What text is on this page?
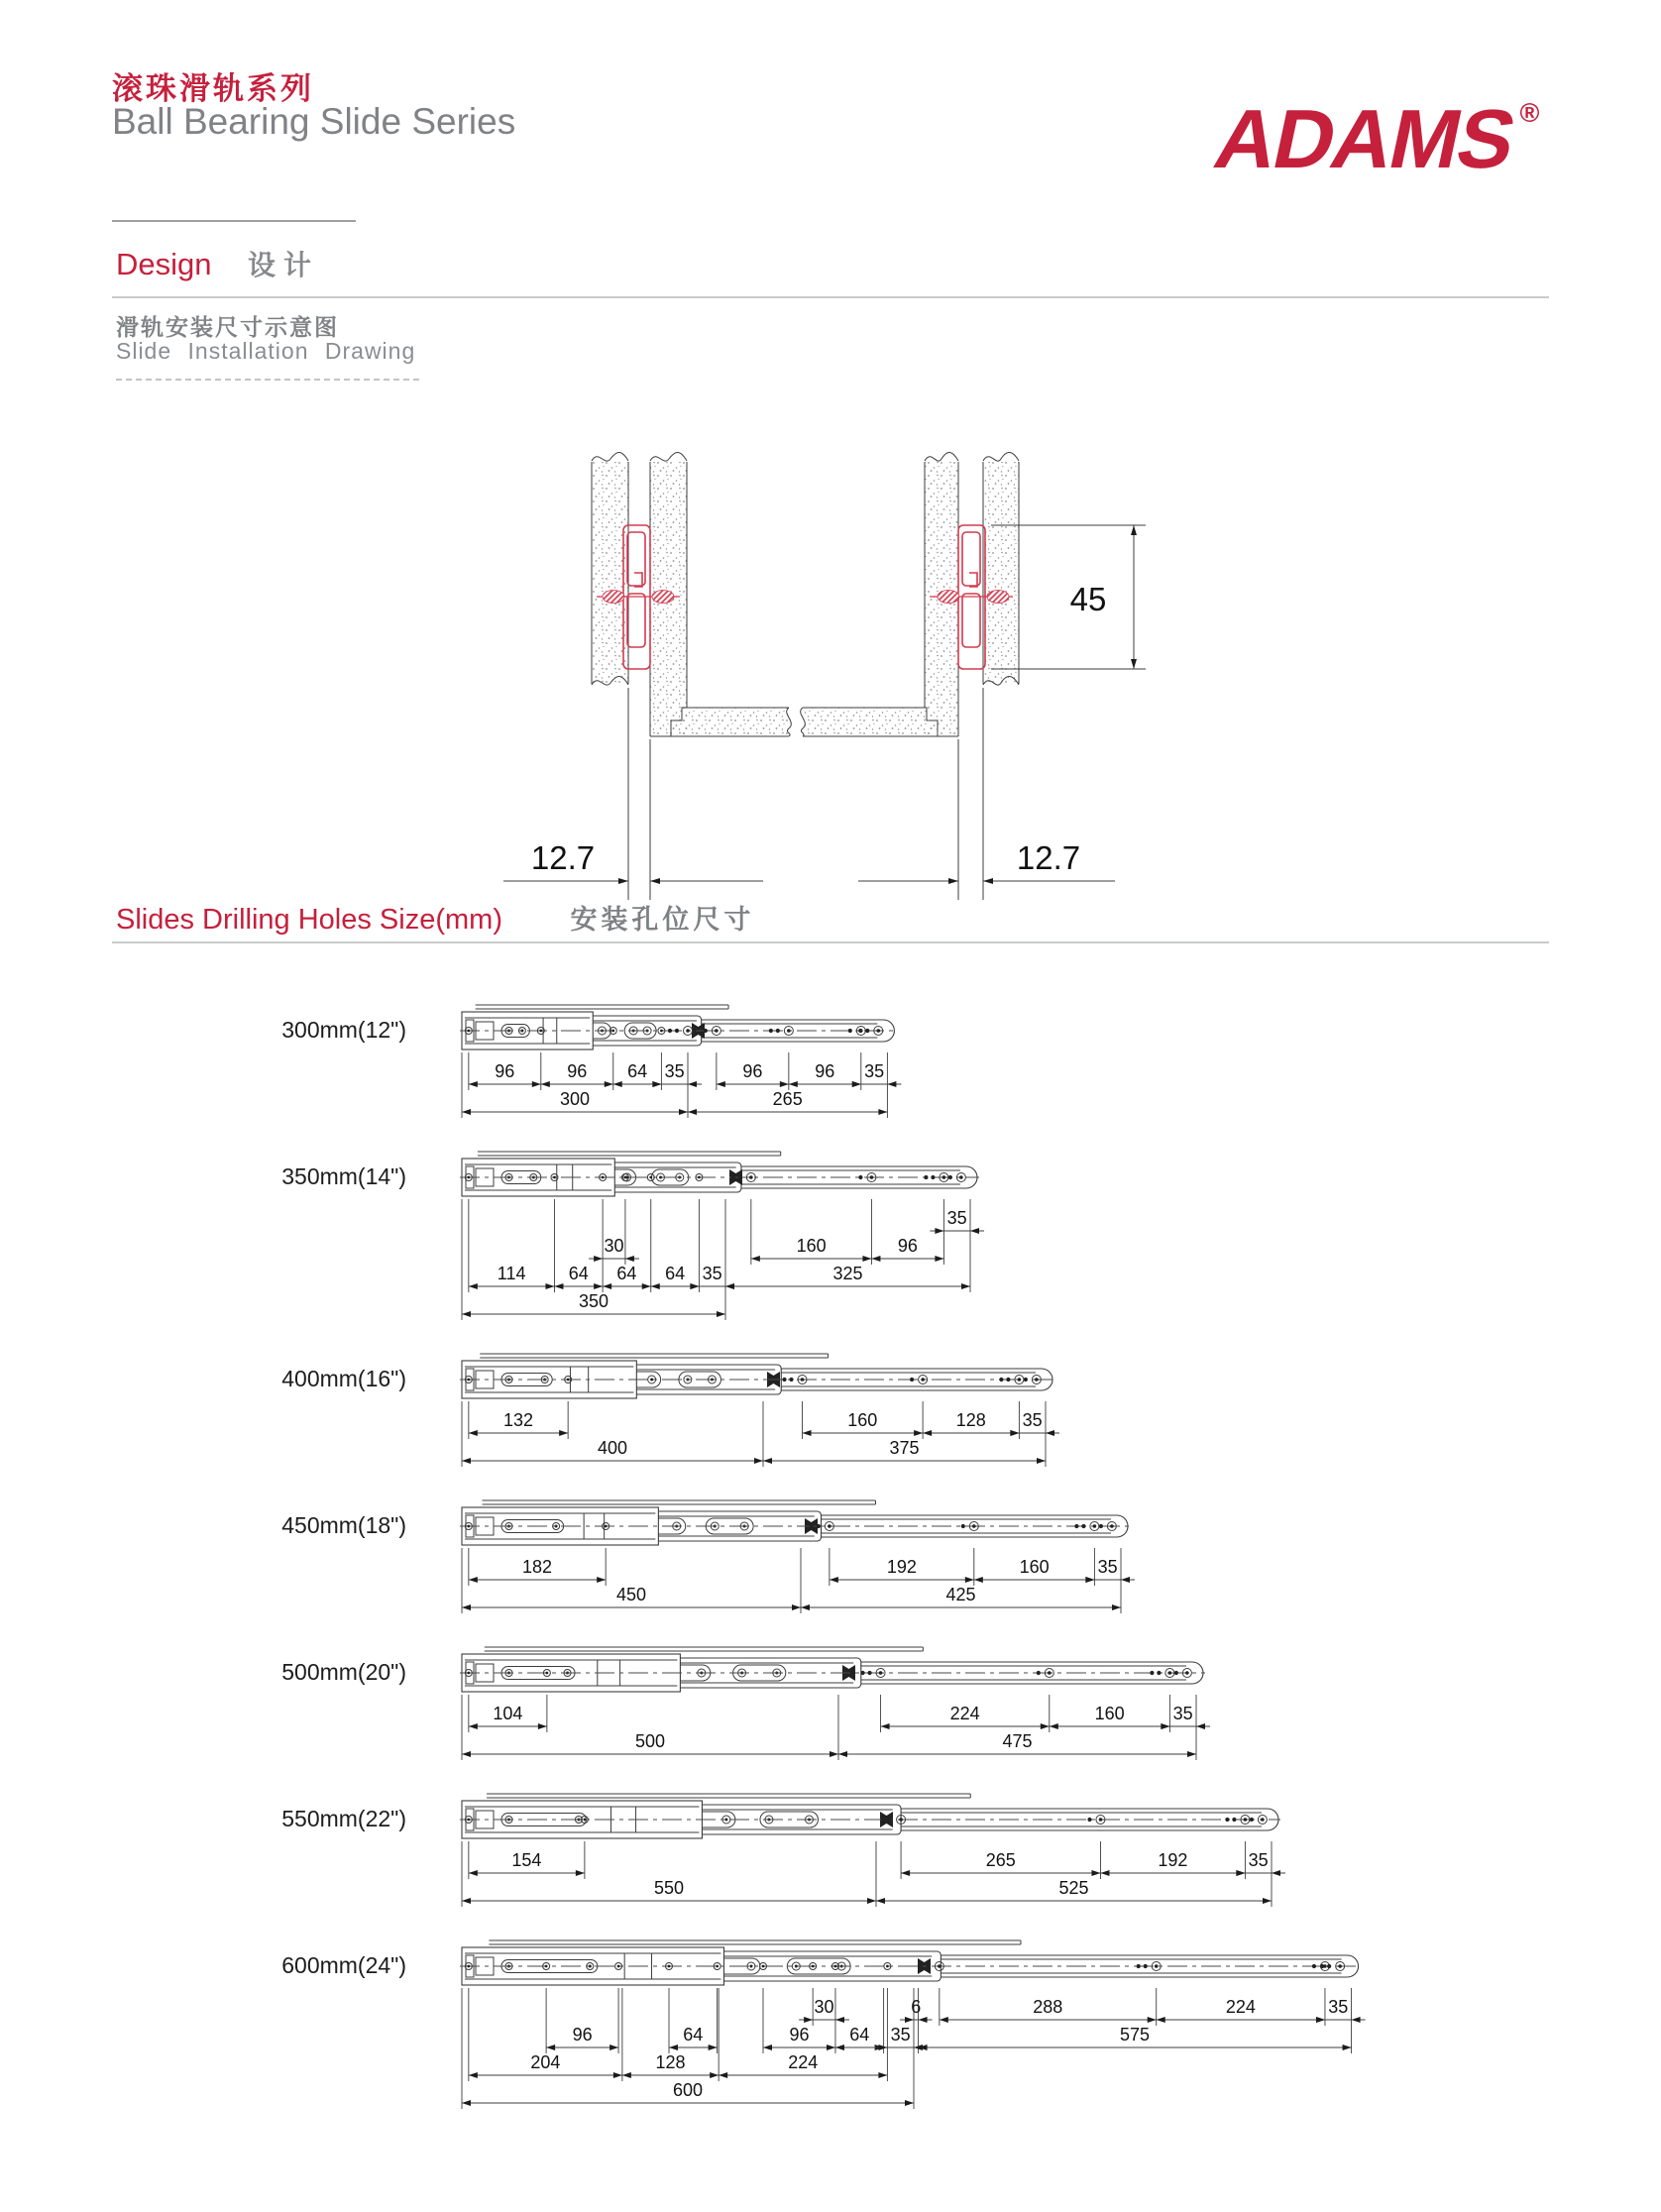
滚珠滑轨系列
Ball Bearing Slide Series	ADAMS®
Design 设计
滑轨安装尺寸示意图
Slide Installation Drawing
45
12.7	12.7
Slides Drilling Holes Size(mm)	安装孔位尺寸
300mm(12")
96	96 64 35	96	96 35
300	265
350mm(14")
35
30	160	96
114 64 64 64 35	325
350
400mm(16")
132	160	128 35
400	375
450mm(18")
182	192	160	35
450	425
500mm(20")
104	224	160	35
500	475
550mm(22")
154	265	192	35
550	525
600mm(24")
30	6	288	224	35
96	64	96 64 35	575
204	128	224
600
